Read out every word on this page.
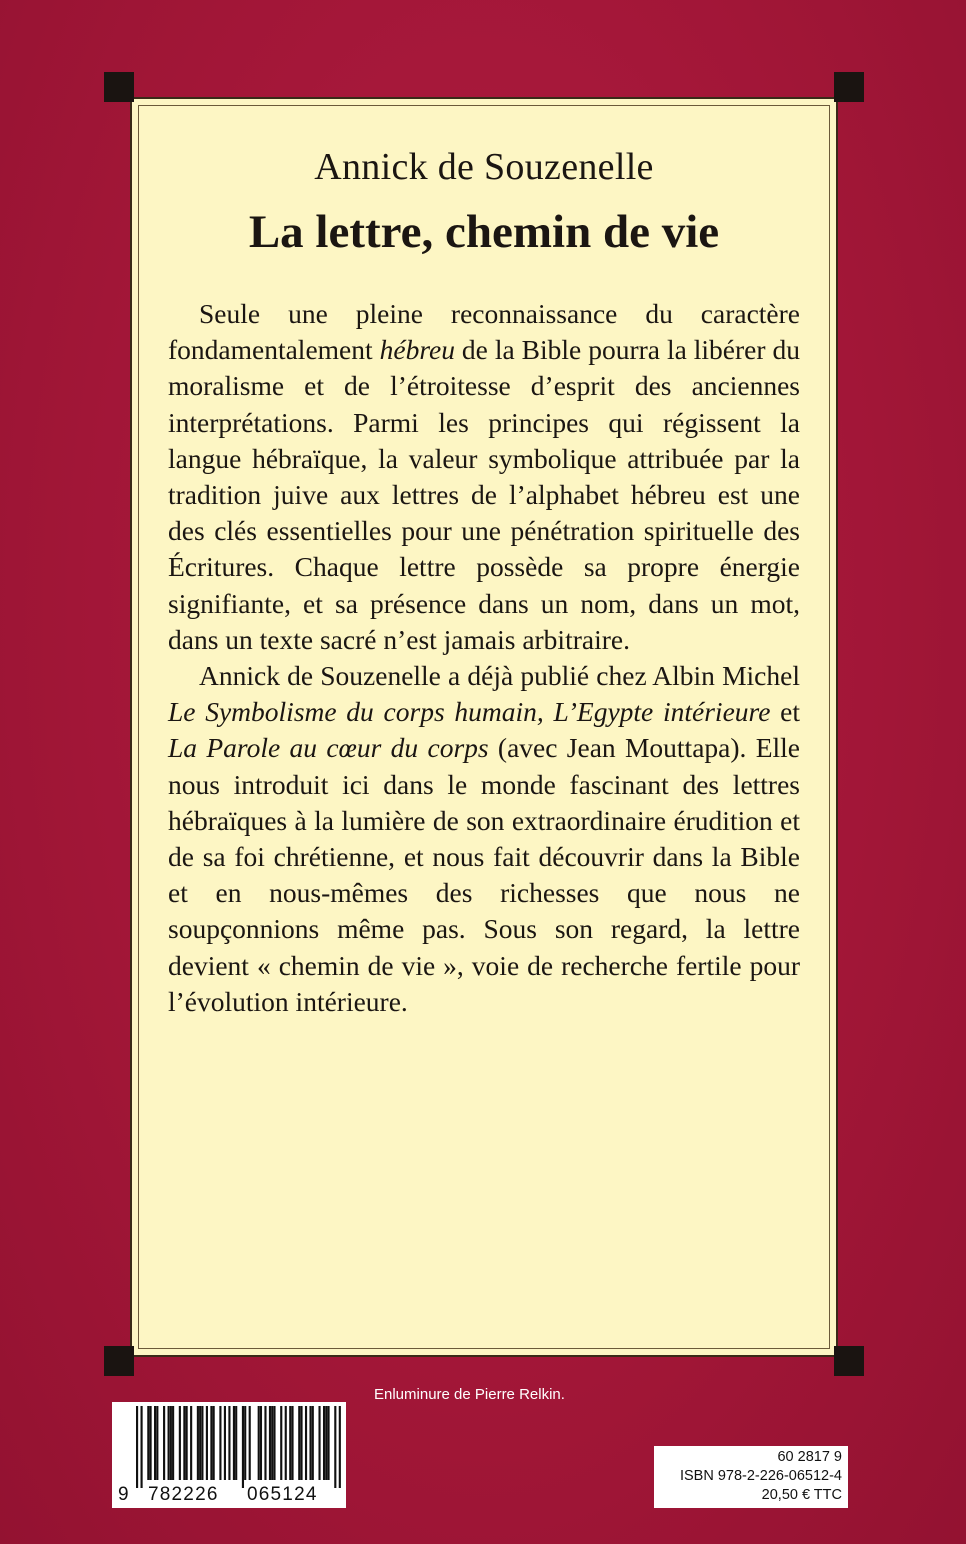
Annick de Souzenelle
La lettre, chemin de vie

Seule une pleine reconnaissance du caractère fondamentalement hébreu de la Bible pourra la libérer du moralisme et de l’étroitesse d’esprit des anciennes interprétations. Parmi les principes qui régissent la langue hébraïque, la valeur symbolique attribuée par la tradition juive aux lettres de l’alphabet hébreu est une des clés essentielles pour une pénétration spirituelle des Écritures. Chaque lettre possède sa propre énergie signifiante, et sa présence dans un nom, dans un mot, dans un texte sacré n’est jamais arbitraire.

Annick de Souzenelle a déjà publié chez Albin Michel Le Symbolisme du corps humain, L’Egypte intérieure et La Parole au cœur du corps (avec Jean Mouttapa). Elle nous introduit ici dans le monde fascinant des lettres hébraïques à la lumière de son extraordinaire érudition et de sa foi chrétienne, et nous fait découvrir dans la Bible et en nous-mêmes des richesses que nous ne soupçonnions même pas. Sous son regard, la lettre devient « chemin de vie », voie de recherche fertile pour l’évolution intérieure.

Enluminure de Pierre Relkin.
9 782226 065124
60 2817 9
ISBN 978-2-226-06512-4
20,50 € TTC
